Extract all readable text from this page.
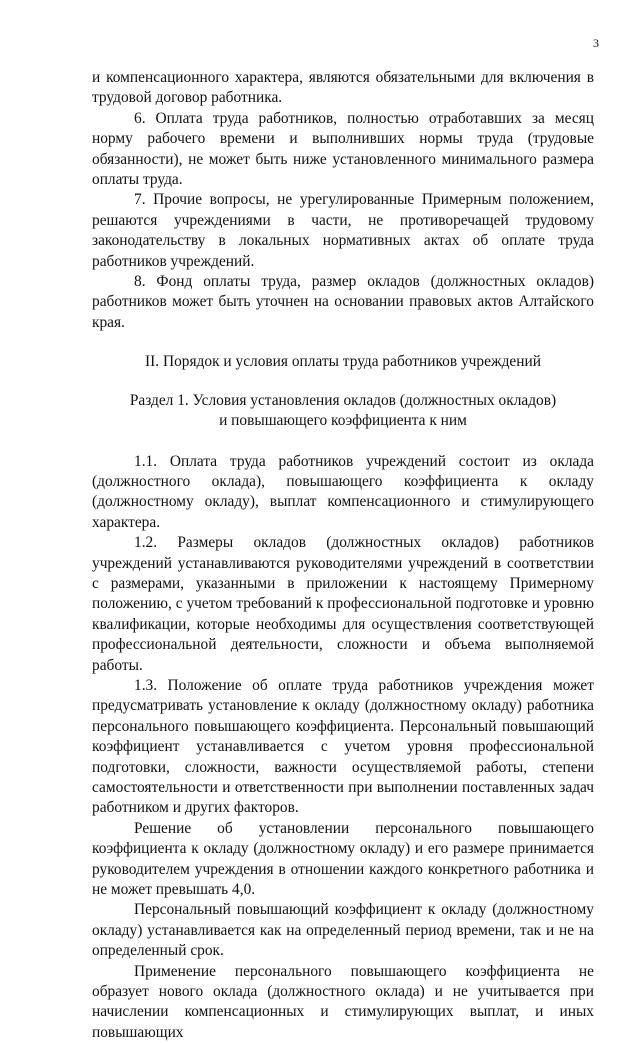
3

и компенсационного характера, являются обязательными для включения в трудовой договор работника.

6. Оплата труда работников, полностью отработавших за месяц норму рабочего времени и выполнивших нормы труда (трудовые обязанности), не может быть ниже установленного минимального размера оплаты труда.

7. Прочие вопросы, не урегулированные Примерным положением, решаются учреждениями в части, не противоречащей трудовому законодательству в локальных нормативных актах об оплате труда работников учреждений.

8. Фонд оплаты труда, размер окладов (должностных окладов) работников может быть уточнен на основании правовых актов Алтайского края.

II. Порядок и условия оплаты труда работников учреждений

Раздел 1. Условия установления окладов (должностных окладов)
и повышающего коэффициента к ним

1.1. Оплата труда работников учреждений состоит из оклада (должностного оклада), повышающего коэффициента к окладу (должностному окладу), выплат компенсационного и стимулирующего характера.

1.2. Размеры окладов (должностных окладов) работников учреждений устанавливаются руководителями учреждений в соответствии с размерами, указанными в приложении к настоящему Примерному положению, с учетом требований к профессиональной подготовке и уровню квалификации, которые необходимы для осуществления соответствующей профессиональной деятельности, сложности и объема выполняемой работы.

1.3. Положение об оплате труда работников учреждения может предусматривать установление к окладу (должностному окладу) работника персонального повышающего коэффициента. Персональный повышающий коэффициент устанавливается с учетом уровня профессиональной подготовки, сложности, важности осуществляемой работы, степени самостоятельности и ответственности при выполнении поставленных задач работником и других факторов.

Решение об установлении персонального повышающего коэффициента к окладу (должностному окладу) и его размере принимается руководителем учреждения в отношении каждого конкретного работника и не может превышать 4,0.

Персональный повышающий коэффициент к окладу (должностному окладу) устанавливается как на определенный период времени, так и не на определенный срок.

Применение персонального повышающего коэффициента не образует нового оклада (должностного оклада) и не учитывается при начислении компенсационных и стимулирующих выплат, и иных повышающих
